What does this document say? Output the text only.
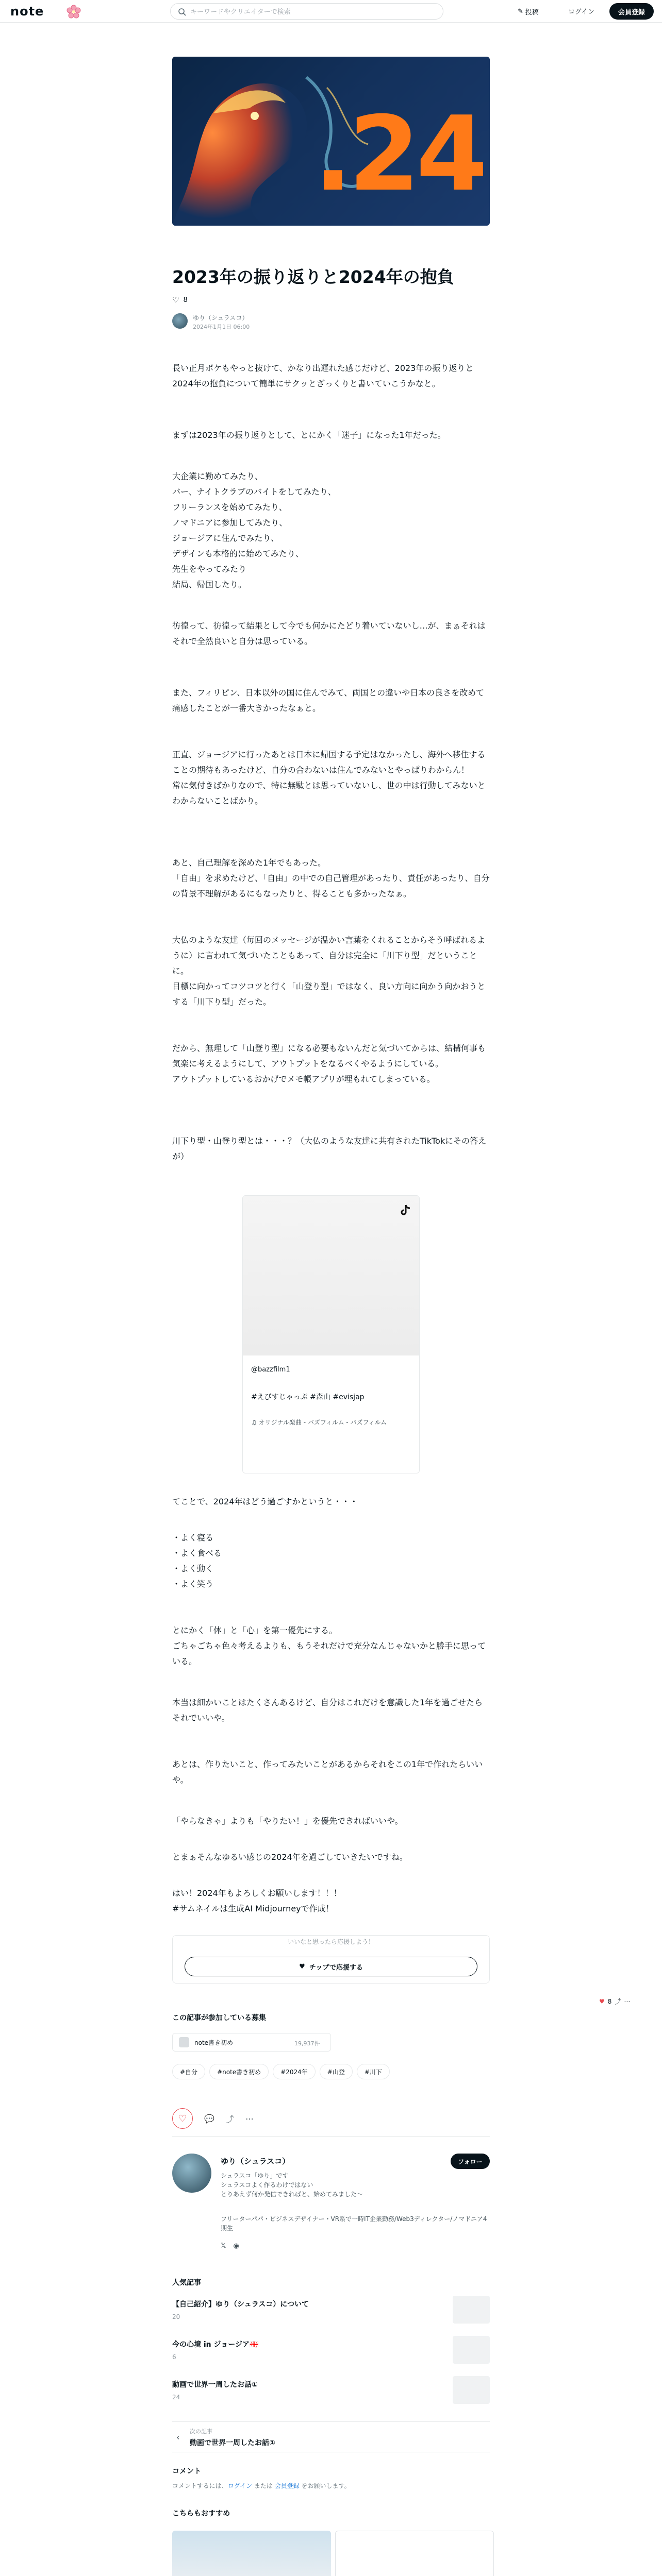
note
キーワードやクリエイターで検索	✎ 投稿	ログイン	会員登録
.24
2023年の振り返りと2024年の抱負
♡ 8
ゆり（シュラスコ）
2024年1月1日 06:00

長い正月ボケもやっと抜けて、かなり出遅れた感じだけど、2023年の振り返りと2024年の抱負について簡単にサクッとざっくりと書いていこうかなと。

まずは2023年の振り返りとして、とにかく「迷子」になった1年だった。

大企業に勤めてみたり、
バー、ナイトクラブのバイトをしてみたり、
フリーランスを始めてみたり、
ノマドニアに参加してみたり、
ジョージアに住んでみたり、
デザインも本格的に始めてみたり、
先生をやってみたり
結局、帰国したり。

彷徨って、彷徨って結果として今でも何かにたどり着いていないし…が、まぁそれはそれで全然良いと自分は思っている。

また、フィリピン、日本以外の国に住んでみて、両国との違いや日本の良さを改めて痛感したことが一番大きかったなぁと。

正直、ジョージアに行ったあとは日本に帰国する予定はなかったし、海外へ移住することの期待もあったけど、自分の合わないは住んでみないとやっぱりわからん！
常に気付きばかりなので、特に無駄とは思っていないし、世の中は行動してみないとわからないことばかり。

あと、自己理解を深めた1年でもあった。
「自由」を求めたけど、「自由」の中での自己管理があったり、責任があったり、自分の背景不理解があるにもなったりと、得ることも多かったなぁ。

大仏のような友達（毎回のメッセージが温かい言葉をくれることからそう呼ばれるように）に言われて気づいたこともあって、自分は完全に「川下り型」だということに。
目標に向かってコツコツと行く「山登り型」ではなく、良い方向に向かう向かおうとする「川下り型」だった。

だから、無理して「山登り型」になる必要もないんだと気づいてからは、結構何事も気楽に考えるようにして、アウトプットをなるべくやるようにしている。
アウトプットしているおかげでメモ帳アプリが埋もれてしまっている。

川下り型・山登り型とは・・・？（大仏のような友達に共有されたTikTokにその答えが）

てことで、2024年はどう過ごすかというと・・・

・よく寝る
・よく食べる
・よく動く
・よく笑う

とにかく「体」と「心」を第一優先にする。
ごちゃごちゃ色々考えるよりも、もうそれだけで充分なんじゃないかと勝手に思っている。

本当は細かいことはたくさんあるけど、自分はこれだけを意識した1年を過ごせたらそれでいいや。

あとは、作りたいこと、作ってみたいことがあるからそれをこの1年で作れたらいいや。

「やらなきゃ」よりも「やりたい！」を優先できればいいや。

とまぁそんなゆるい感じの2024年を過ごしていきたいですね。

はい！2024年もよろしくお願いします！！！
#サムネイルは生成AI Midjourneyで作成！

@bazzfilm1
#えびすじゃっぷ #森山 #evisjap
♫ オリジナル楽曲 - バズフィルム - バズフィルム
いいなと思ったら応援しよう！
♥ チップで応援する
♥ 8 ⤴ ⋯
この記事が参加している募集
note書き初め	19,937件
#自分	#note書き初め	#2024年	#山登	#川下
♡	💬 ⤴ ⋯
ゆり（シュラスコ）	フォロー
シュラスコ「ゆり」です
シュラスコよく作るわけではない
とりあえず何か発信できればと、始めてみました〜
フリーターパパ・ビジネスデザイナー・VR系で一時IT企業勤務/Web3ディレクター/ノマドニア4期生
𝕏 ◉
人気記事
【自己紹介】ゆり（シュラスコ）について
20
今の心境 in ジョージア🇬🇪
6
動画で世界一周したお話①
24
‹
次の記事
動画で世界一周したお話①
コメント
コメントするには、ログイン または 会員登録 をお願いします。
こちらもおすすめ
